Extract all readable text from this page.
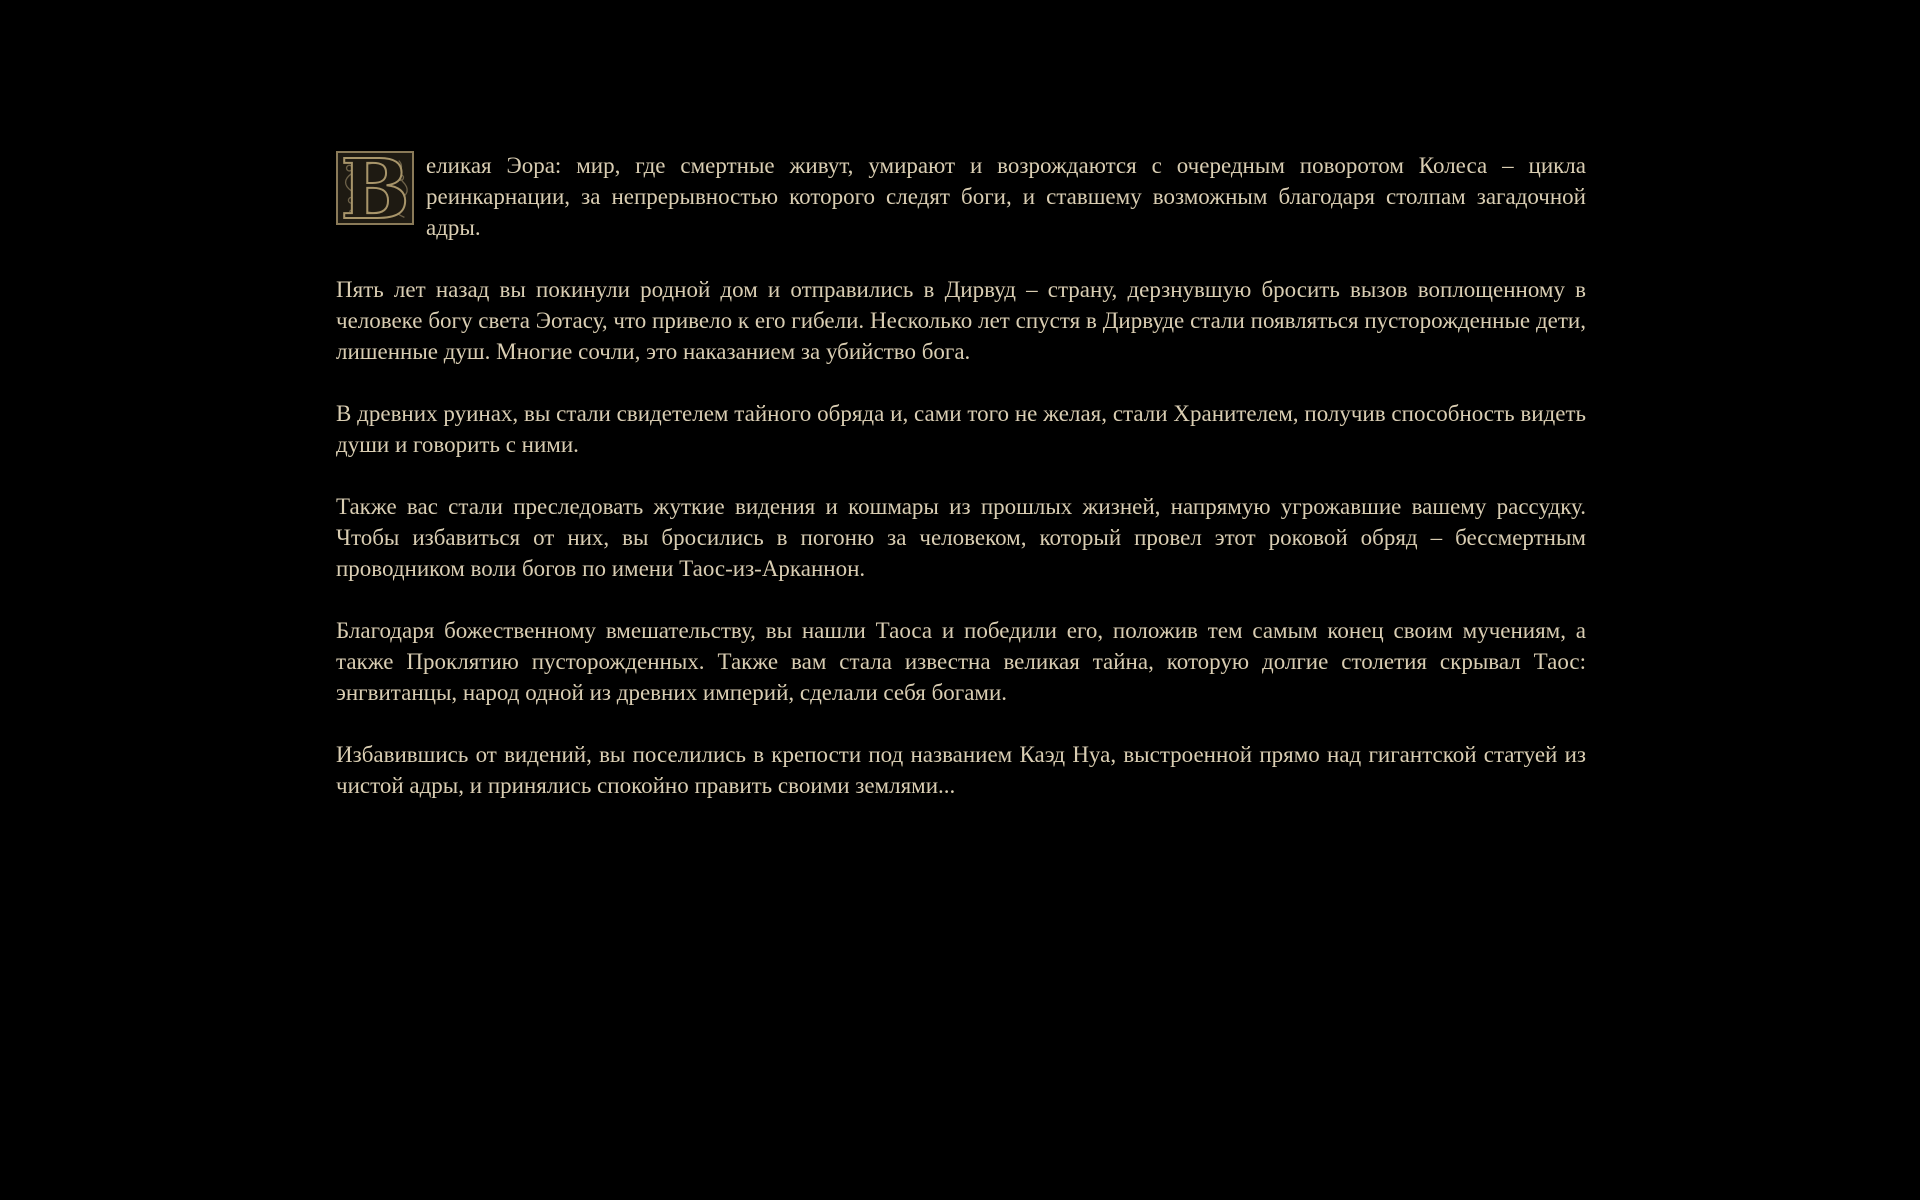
В еликая Эора: мир, где смертные живут, умирают и возрождаются с очередным поворотом Колеса – цикла реинкарнации, за непрерывностью которого следят боги, и ставшему возможным благодаря столпам загадочной адры.

Пять лет назад вы покинули родной дом и отправились в Дирвуд – страну, дерзнувшую бросить вызов воплощенному в человеке богу света Эотасу, что привело к его гибели. Несколько лет спустя в Дирвуде стали появляться пусторожденные дети, лишенные душ. Многие сочли, это наказанием за убийство бога.

В древних руинах, вы стали свидетелем тайного обряда и, сами того не желая, стали Хранителем, получив способность видеть души и говорить с ними.

Также вас стали преследовать жуткие видения и кошмары из прошлых жизней, напрямую угрожавшие вашему рассудку. Чтобы избавиться от них, вы бросились в погоню за человеком, который провел этот роковой обряд – бессмертным проводником воли богов по имени Таос-из-Арканнон.

Благодаря божественному вмешательству, вы нашли Таоса и победили его, положив тем самым конец своим мучениям, а также Проклятию пусторожденных. Также вам стала известна великая тайна, которую долгие столетия скрывал Таос: энгвитанцы, народ одной из древних империй, сделали себя богами.

Избавившись от видений, вы поселились в крепости под названием Каэд Нуа, выстроенной прямо над гигантской статуей из чистой адры, и принялись спокойно править своими землями...
